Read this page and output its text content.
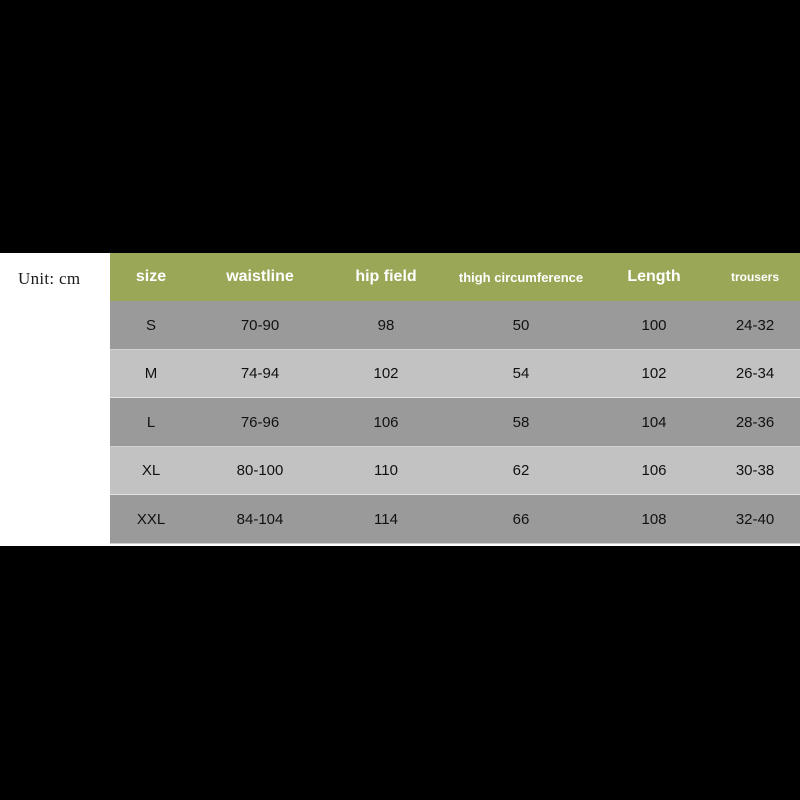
Unit: cm	size	waistline	hip field	thigh circumference	Length	trousers
S	70-90	98	50	100	24-32
M	74-94	102	54	102	26-34
L	76-96	106	58	104	28-36
XL	80-100	110	62	106	30-38
XXL	84-104	114	66	108	32-40
